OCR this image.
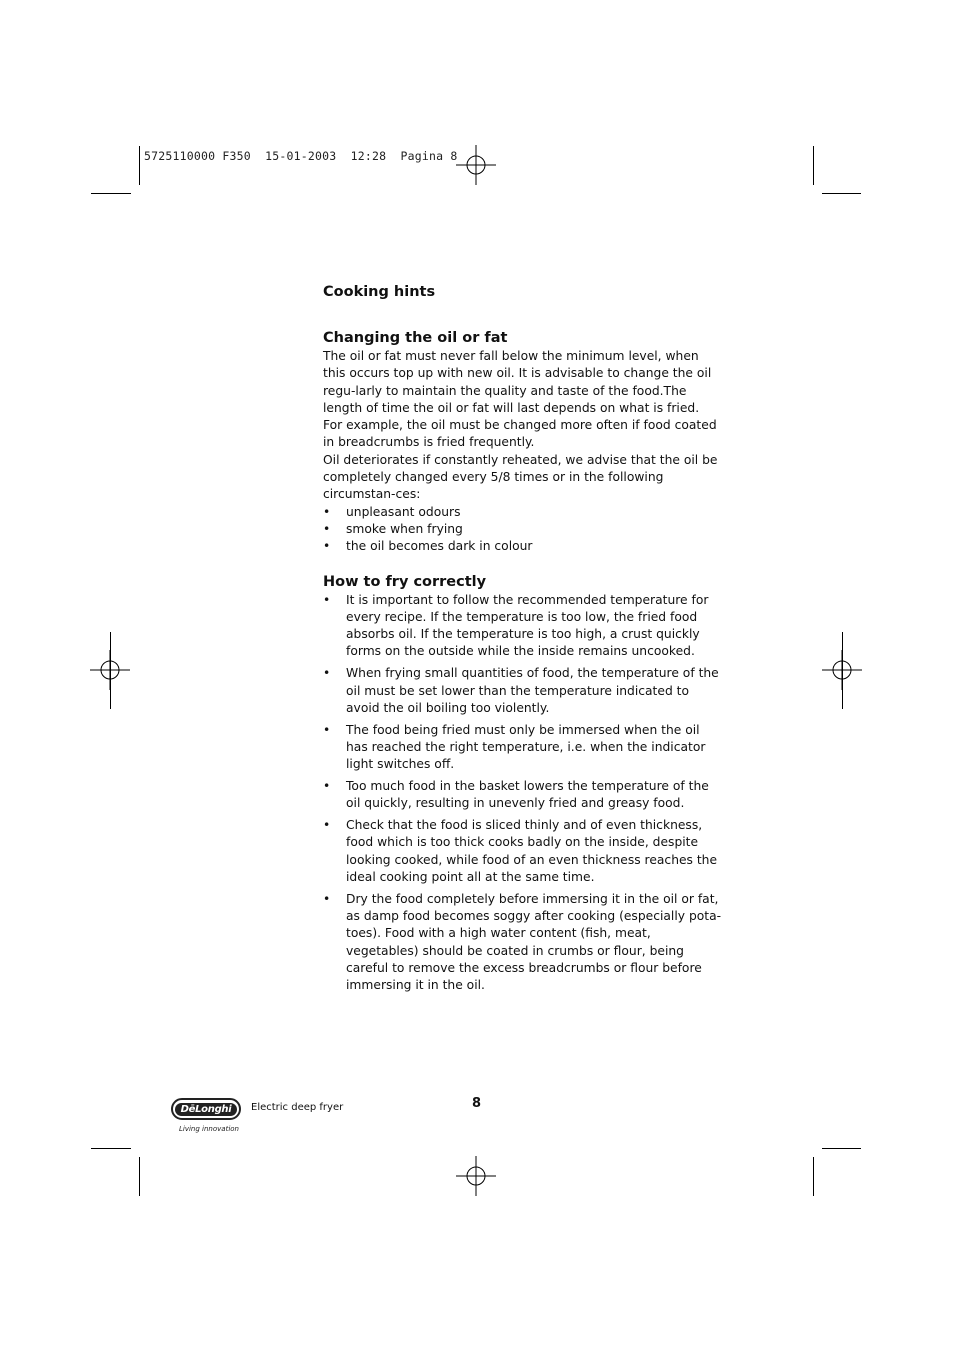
5725110000 F350  15-01-2003  12:28  Pagina 8
Cooking hints
Changing the oil or fat

The oil or fat must never fall below the minimum level, when this occurs top up with new oil. It is advisable to change the oil regu-larly to maintain the quality and taste of the food.The length of time the oil or fat will last depends on what is fried.

For example, the oil must be changed more often if food coated in breadcrumbs is fried frequently.

Oil deteriorates if constantly reheated, we advise that the oil be completely changed every 5/8 times or in the following circumstan-ces:

• unpleasant odours
• smoke when frying
• the oil becomes dark in colour
How to fry correctly
• It is important to follow the recommended temperature for every recipe. If the temperature is too low, the fried food absorbs oil. If the temperature is too high, a crust quickly forms on the outside while the inside remains uncooked.
• When frying small quantities of food, the temperature of the oil must be set lower than the temperature indicated to avoid the oil boiling too violently.
• The food being fried must only be immersed when the oil has reached the right temperature, i.e. when the indicator light switches off.
• Too much food in the basket lowers the temperature of the oil quickly, resulting in unevenly fried and greasy food.
• Check that the food is sliced thinly and of even thickness, food which is too thick cooks badly on the inside, despite looking cooked, while food of an even thickness reaches the ideal cooking point all at the same time.
• Dry the food completely before immersing it in the oil or fat, as damp food becomes soggy after cooking (especially pota-toes). Food with a high water content (fish, meat, vegetables) should be coated in crumbs or flour, being careful to remove the excess breadcrumbs or flour before immersing it in the oil.
DēLonghi
Living innovation
Electric deep fryer	8
